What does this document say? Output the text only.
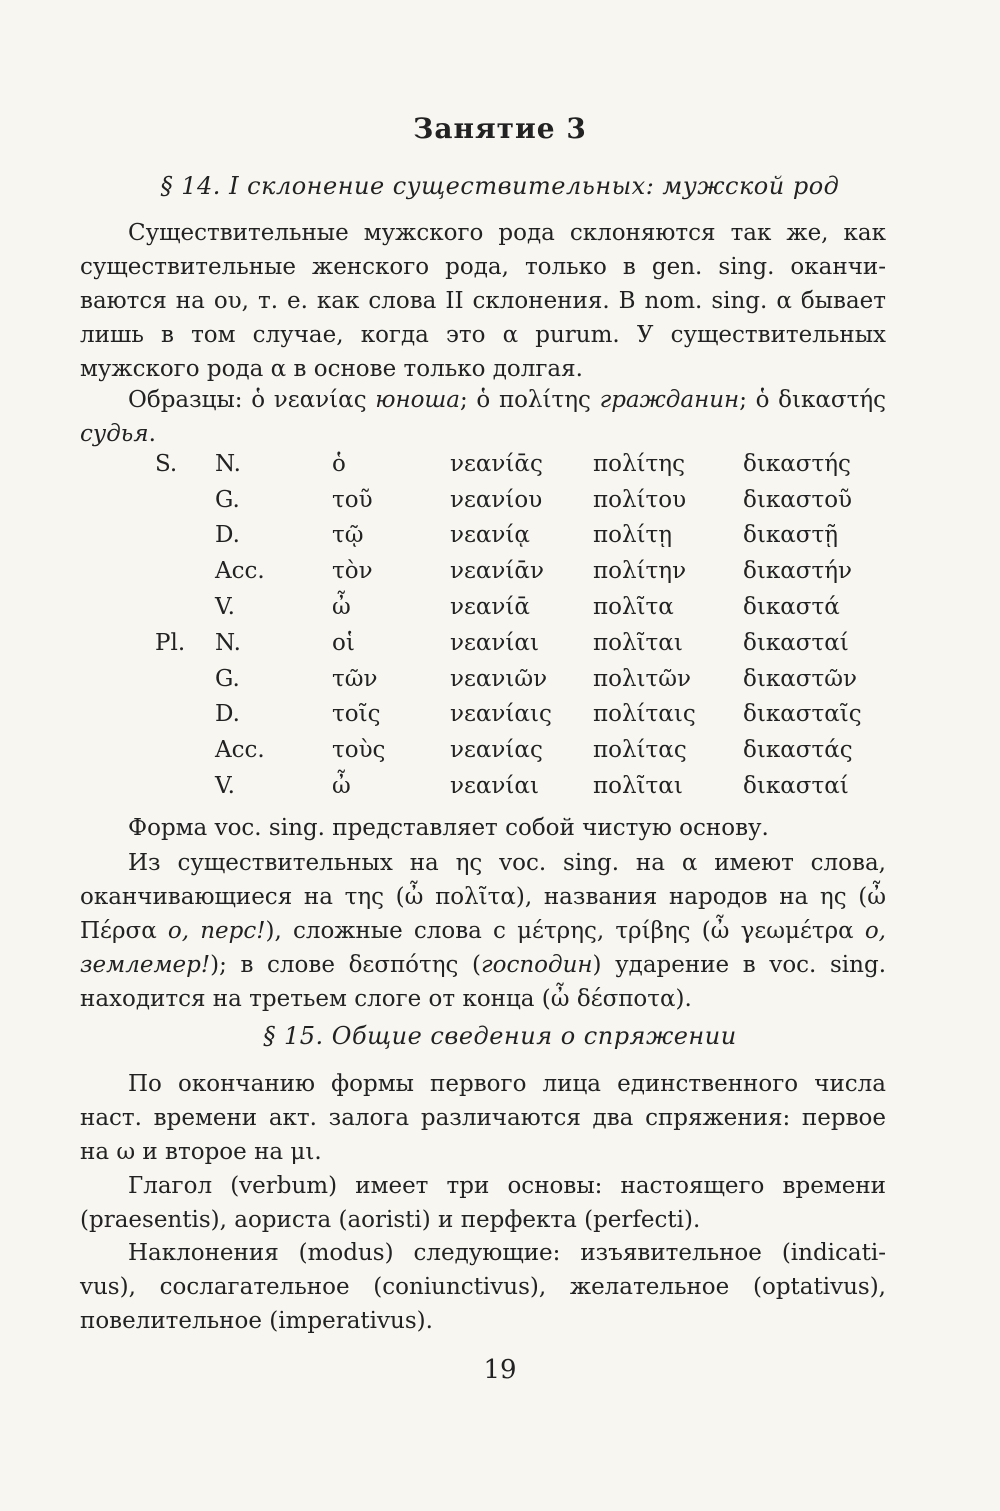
Занятие 3
§ 14. I склонение существительных: мужской род
Существительные мужского рода склоняются так же, как
существительные женского рода, только в gen. sing. оканчи-
ваются на ου, т. е. как слова II склонения. В nom. sing. α бывает
лишь в том случае, когда это α purum. У существительных
мужского рода α в основе только долгая.
Образцы: ὁ νεανίας юноша; ὁ πολίτης гражданин; ὁ δικαστής
судья.
S.	N.	ὁ	νεανίᾱς	πολίτης	δικαστής
	G.	τοῦ	νεανίου	πολίτου	δικαστοῦ
	D.	τῷ	νεανίᾳ	πολίτῃ	δικαστῇ
	Acc.	τὸν	νεανίᾱν	πολίτην	δικαστήν
	V.	ὦ	νεανίᾱ	πολῖτα	δικαστά
Pl.	N.	οἱ	νεανίαι	πολῖται	δικασταί
	G.	τῶν	νεανιῶν	πολιτῶν	δικαστῶν
	D.	τοῖς	νεανίαις	πολίταις	δικασταῖς
	Acc.	τοὺς	νεανίας	πολίτας	δικαστάς
	V.	ὦ	νεανίαι	πολῖται	δικασταί
Форма voc. sing. представляет собой чистую основу.
Из существительных на ης voc. sing. на α имеют слова,
оканчивающиеся на της (ὦ πολῖτα), названия народов на ης (ὦ
Πέρσα о, перс!), сложные слова с μέτρης, τρίβης (ὦ γεωμέτρα о,
землемер!); в слове δεσπότης (господин) ударение в voc. sing.
находится на третьем слоге от конца (ὦ δέσποτα).
§ 15. Общие сведения о спряжении
По окончанию формы первого лица единственного числа
наст. времени акт. залога различаются два спряжения: первое
на ω и второе на μι.
Глагол (verbum) имеет три основы: настоящего времени
(praesentis), аориста (aoristi) и перфекта (perfecti).
Наклонения (modus) следующие: изъявительное (indicati-
vus), сослагательное (coniunctivus), желательное (optativus),
повелительное (imperativus).
19
